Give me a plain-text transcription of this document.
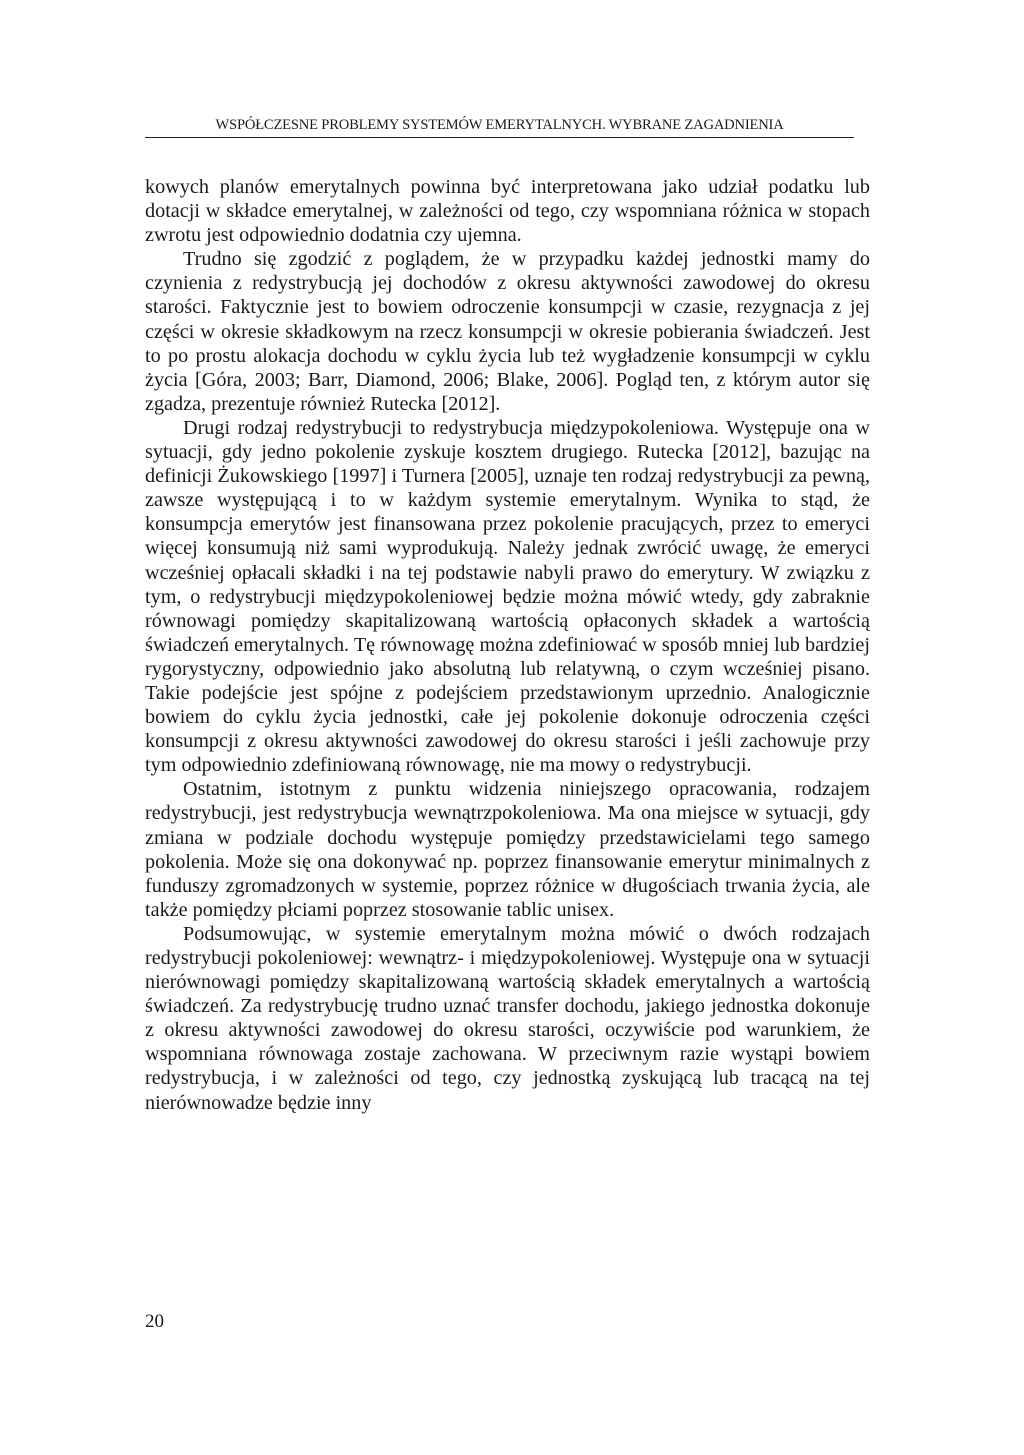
WSPÓŁCZESNE PROBLEMY SYSTEMÓW EMERYTALNYCH. WYBRANE ZAGADNIENIA

kowych planów emerytalnych powinna być interpretowana jako udział podatku lub dotacji w składce emerytalnej, w zależności od tego, czy wspomniana różnica w stopach zwrotu jest odpowiednio dodatnia czy ujemna.

Trudno się zgodzić z poglądem, że w przypadku każdej jednostki mamy do czynienia z redystrybucją jej dochodów z okresu aktywności zawodowej do okresu starości. Faktycznie jest to bowiem odroczenie konsumpcji w czasie, rezygnacja z jej części w okresie składkowym na rzecz konsumpcji w okresie pobierania świadczeń. Jest to po prostu alokacja dochodu w cyklu życia lub też wygładzenie konsumpcji w cyklu życia [Góra, 2003; Barr, Diamond, 2006; Blake, 2006]. Pogląd ten, z którym autor się zgadza, prezentuje również Rutecka [2012].

Drugi rodzaj redystrybucji to redystrybucja międzypokoleniowa. Występuje ona w sytuacji, gdy jedno pokolenie zyskuje kosztem drugiego. Rutecka [2012], bazując na definicji Żukowskiego [1997] i Turnera [2005], uznaje ten rodzaj redystrybucji za pewną, zawsze występującą i to w każdym systemie emerytalnym. Wynika to stąd, że konsumpcja emerytów jest finansowana przez pokolenie pracujących, przez to emeryci więcej konsumują niż sami wyprodukują. Należy jednak zwrócić uwagę, że emeryci wcześniej opłacali składki i na tej podstawie nabyli prawo do emerytury. W związku z tym, o redystrybucji międzypokoleniowej będzie można mówić wtedy, gdy zabraknie równowagi pomiędzy skapitalizowaną wartością opłaconych składek a wartością świadczeń emerytalnych. Tę równowagę można zdefiniować w sposób mniej lub bardziej rygorystyczny, odpowiednio jako absolutną lub relatywną, o czym wcześniej pisano. Takie podejście jest spójne z podejściem przedstawionym uprzednio. Analogicznie bowiem do cyklu życia jednostki, całe jej pokolenie dokonuje odroczenia części konsumpcji z okresu aktywności zawodowej do okresu starości i jeśli zachowuje przy tym odpowiednio zdefiniowaną równowagę, nie ma mowy o redystrybucji.

Ostatnim, istotnym z punktu widzenia niniejszego opracowania, rodzajem redystrybucji, jest redystrybucja wewnątrzpokoleniowa. Ma ona miejsce w sytuacji, gdy zmiana w podziale dochodu występuje pomiędzy przedstawicielami tego samego pokolenia. Może się ona dokonywać np. poprzez finansowanie emerytur minimalnych z funduszy zgromadzonych w systemie, poprzez różnice w długościach trwania życia, ale także pomiędzy płciami poprzez stosowanie tablic unisex.

Podsumowując, w systemie emerytalnym można mówić o dwóch rodzajach redystrybucji pokoleniowej: wewnątrz- i międzypokoleniowej. Występuje ona w sytuacji nierównowagi pomiędzy skapitalizowaną wartością składek emerytalnych a wartością świadczeń. Za redystrybucję trudno uznać transfer dochodu, jakiego jednostka dokonuje z okresu aktywności zawodowej do okresu starości, oczywiście pod warunkiem, że wspomniana równowaga zostaje zachowana. W przeciwnym razie wystąpi bowiem redystrybucja, i w zależności od tego, czy jednostką zyskującą lub tracącą na tej nierównowadze będzie inny

20
